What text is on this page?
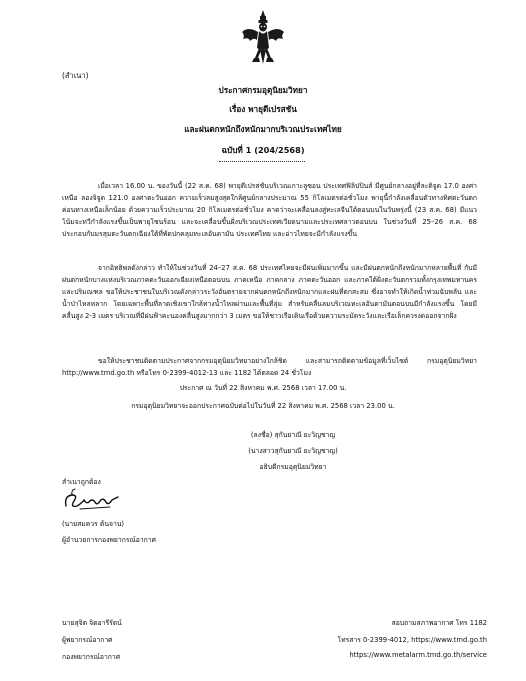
(สำเนา)
ประกาศกรมอุตุนิยมวิทยา
เรื่อง พายุดีเปรสชัน
และฝนตกหนักถึงหนักมากบริเวณประเทศไทย
ฉบับที่ 1 (204/2568)
เมื่อเวลา 16.00 น. ของวันนี้ (22 ส.ค. 68) พายุดีเปรสชันบริเวณเกาะลูซอน ประเทศฟิลิปปินส์ มีศูนย์กลางอยู่ที่ละติจูด 17.0 องศาเหนือ ลองจิจูด 121.0 องศาตะวันออก ความเร็วลมสูงสุดใกล้ศูนย์กลางประมาณ 55 กิโลเมตรต่อชั่วโมง พายุนี้กำลังเคลื่อนตัวทางทิศตะวันตกค่อนทางเหนือเล็กน้อย ด้วยความเร็วประมาณ 20 กิโลเมตรต่อชั่วโมง คาดว่าจะเคลื่อนลงสู่ทะเลจีนใต้ตอนบนในวันพรุ่งนี้ (23 ส.ค. 68) มีแนวโน้มจะทวีกำลังแรงขึ้นเป็นพายุโซนร้อน และจะเคลื่อนขึ้นฝั่งบริเวณประเทศเวียดนามและประเทศลาวตอนบน ในช่วงวันที่ 25–26 ส.ค. 68 ประกอบกับมรสุมตะวันตกเฉียงใต้ที่พัดปกคลุมทะเลอันดามัน ประเทศไทย และอ่าวไทยจะมีกำลังแรงขึ้น
จากอิทธิพลดังกล่าว ทำให้ในช่วงวันที่ 24–27 ส.ค. 68 ประเทศไทยจะมีฝนเพิ่มมากขึ้น และมีฝนตกหนักถึงหนักมากหลายพื้นที่ กับมีฝนตกหนักบางแห่งบริเวณภาคตะวันออกเฉียงเหนือตอนบน ภาคเหนือ ภาคกลาง ภาคตะวันออก และภาคใต้ฝั่งตะวันตกรวมทั้งกรุงเทพมหานครและปริมณฑล ขอให้ประชาชนในบริเวณดังกล่าวระวังอันตรายจากฝนตกหนักถึงหนักมากและฝนที่ตกสะสม ซึ่งอาจทำให้เกิดน้ำท่วมฉับพลัน และน้ำป่าไหลหลาก โดยเฉพาะพื้นที่ลาดเชิงเขาใกล้ทางน้ำไหลผ่านและพื้นที่ลุ่ม สำหรับคลื่นลมบริเวณทะเลอันดามันตอนบนมีกำลังแรงขึ้น โดยมีคลื่นสูง 2-3 เมตร บริเวณที่มีฝนฟ้าคะนองคลื่นสูงมากกว่า 3 เมตร ขอให้ชาวเรือเดินเรือด้วยความระมัดระวังและเรือเล็กควรงดออกจากฝั่ง
ขอให้ประชาชนติดตามประกาศจากกรมอุตุนิยมวิทยาอย่างใกล้ชิด และสามารถติดตามข้อมูลที่เว็บไซต์ กรมอุตุนิยมวิทยา http://www.tmd.go.th หรือโทร 0-2399-4012-13 และ 1182 ได้ตลอด 24 ชั่วโมง
ประกาศ ณ วันที่ 22 สิงหาคม พ.ศ. 2568 เวลา 17.00 น.
กรมอุตุนิยมวิทยาจะออกประกาศฉบับต่อไปในวันที่ 22 สิงหาคม พ.ศ. 2568 เวลา 23.00 น.
(ลงชื่อ) สุกันยาณี ยะวิญชาญ
(นางสาวสุกันยาณี ยะวิญชาญ)
อธิบดีกรมอุตุนิยมวิทยา
สำเนาถูกต้อง
(นายสมควร ต้นจาน)
ผู้อำนวยการกองพยากรณ์อากาศ
นายสุจิต จิตอารีรัตน์
ผู้พยากรณ์อากาศ
กองพยากรณ์อากาศ
สอบถามสภาพอากาศ โทร 1182
โทรสาร 0-2399-4012, https://www.tmd.go.th
https://www.metalarm.tmd.go.th/service
